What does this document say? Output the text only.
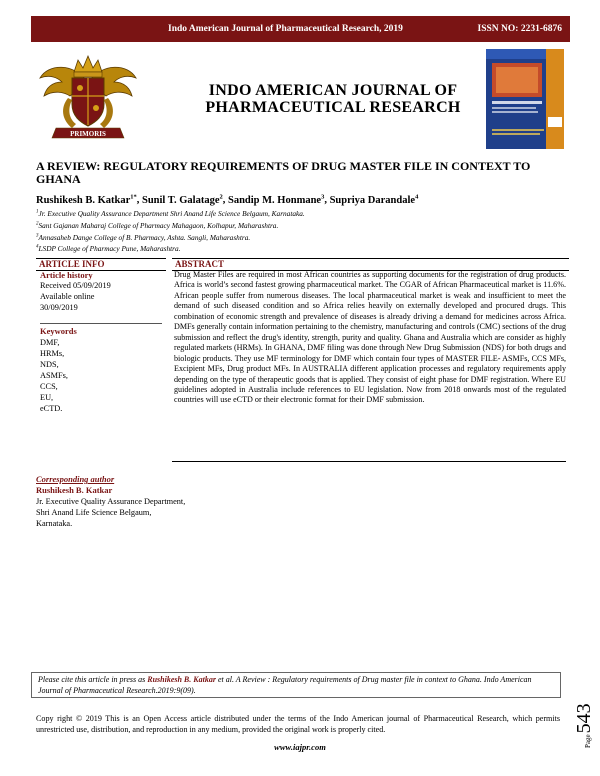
Indo American Journal of Pharmaceutical Research, 2019	ISSN NO: 2231-6876
PRIMORIS
INDO AMERICAN JOURNAL OF
PHARMACEUTICAL RESEARCH
A REVIEW: REGULATORY REQUIREMENTS OF DRUG MASTER FILE IN CONTEXT TO GHANA
Rushikesh B. Katkar$^{1*}$, Sunil T. Galatage$^2$, Sandip M. Honmane$^3$, Supriya Darandale$^4$
$^1$Jr. Executive Quality Assurance Department Shri Anand Life Science Belgaum, Karnataka.
$^2$Sant Gajanan Maharaj College of Pharmacy Mahagaon, Kolhapur, Maharashtra.
$^3$Annasaheb Dange College of B. Pharmacy, Ashta. Sangli, Maharashtra.
$^4$LSDP College of Pharmacy Pune, Maharashtra.
ARTICLE INFO
Article history
Received 05/09/2019
Available online
30/09/2019
Keywords
DMF,
HRMs,
NDS,
ASMFs,
CCS,
EU,
eCTD.
ABSTRACT
Drug Master Files are required in most African countries as supporting documents for the registration of drug products. Africa is world’s second fastest growing pharmaceutical market. The CGAR of African Pharmaceutical market is 11.6%. African people suffer from numerous diseases. The local pharmaceutical market is weak and insufficient to meet the demand of such diseased condition and so Africa relies heavily on externally developed and procured drugs. This combination of economic strength and prevalence of diseases is already driving a demand for medicines across Africa. DMFs generally contain information pertaining to the chemistry, manufacturing and controls (CMC) sections of the drug submission and reflect the drug's identity, strength, purity and quality. Ghana and Australia which are consider as highly regulated markets (HRMs). In GHANA, DMF filing was done through New Drug Submission (NDS) for both drugs and biologic products. They use MF terminology for DMF which contain four types of MASTER FILE- ASMFs, CCS MFs, Excipient MFs, Drug product MFs. In AUSTRALIA different application processes and regulatory requirements apply depending on the type of therapeutic goods that is applied. They consist of eight phase for DMF registration. Where EU guidelines adopted in Australia include references to EU legislation. Now from 2018 onwards most of the regulated countries will use eCTD or their electronic format for their DMF submission.
Corresponding author
Rushikesh B. Katkar
Jr. Executive Quality Assurance Department,
Shri Anand Life Science Belgaum,
Karnataka.
Please cite this article in press as Rushikesh B. Katkar et al. A Review : Regulatory requirements of Drug master file in context to Ghana. Indo American Journal of Pharmaceutical Research.2019:9(09).
Page543
Copy right © 2019 This is an Open Access article distributed under the terms of the Indo American journal of Pharmaceutical Research, which permits unrestricted use, distribution, and reproduction in any medium, provided the original work is properly cited.
www.iajpr.com
